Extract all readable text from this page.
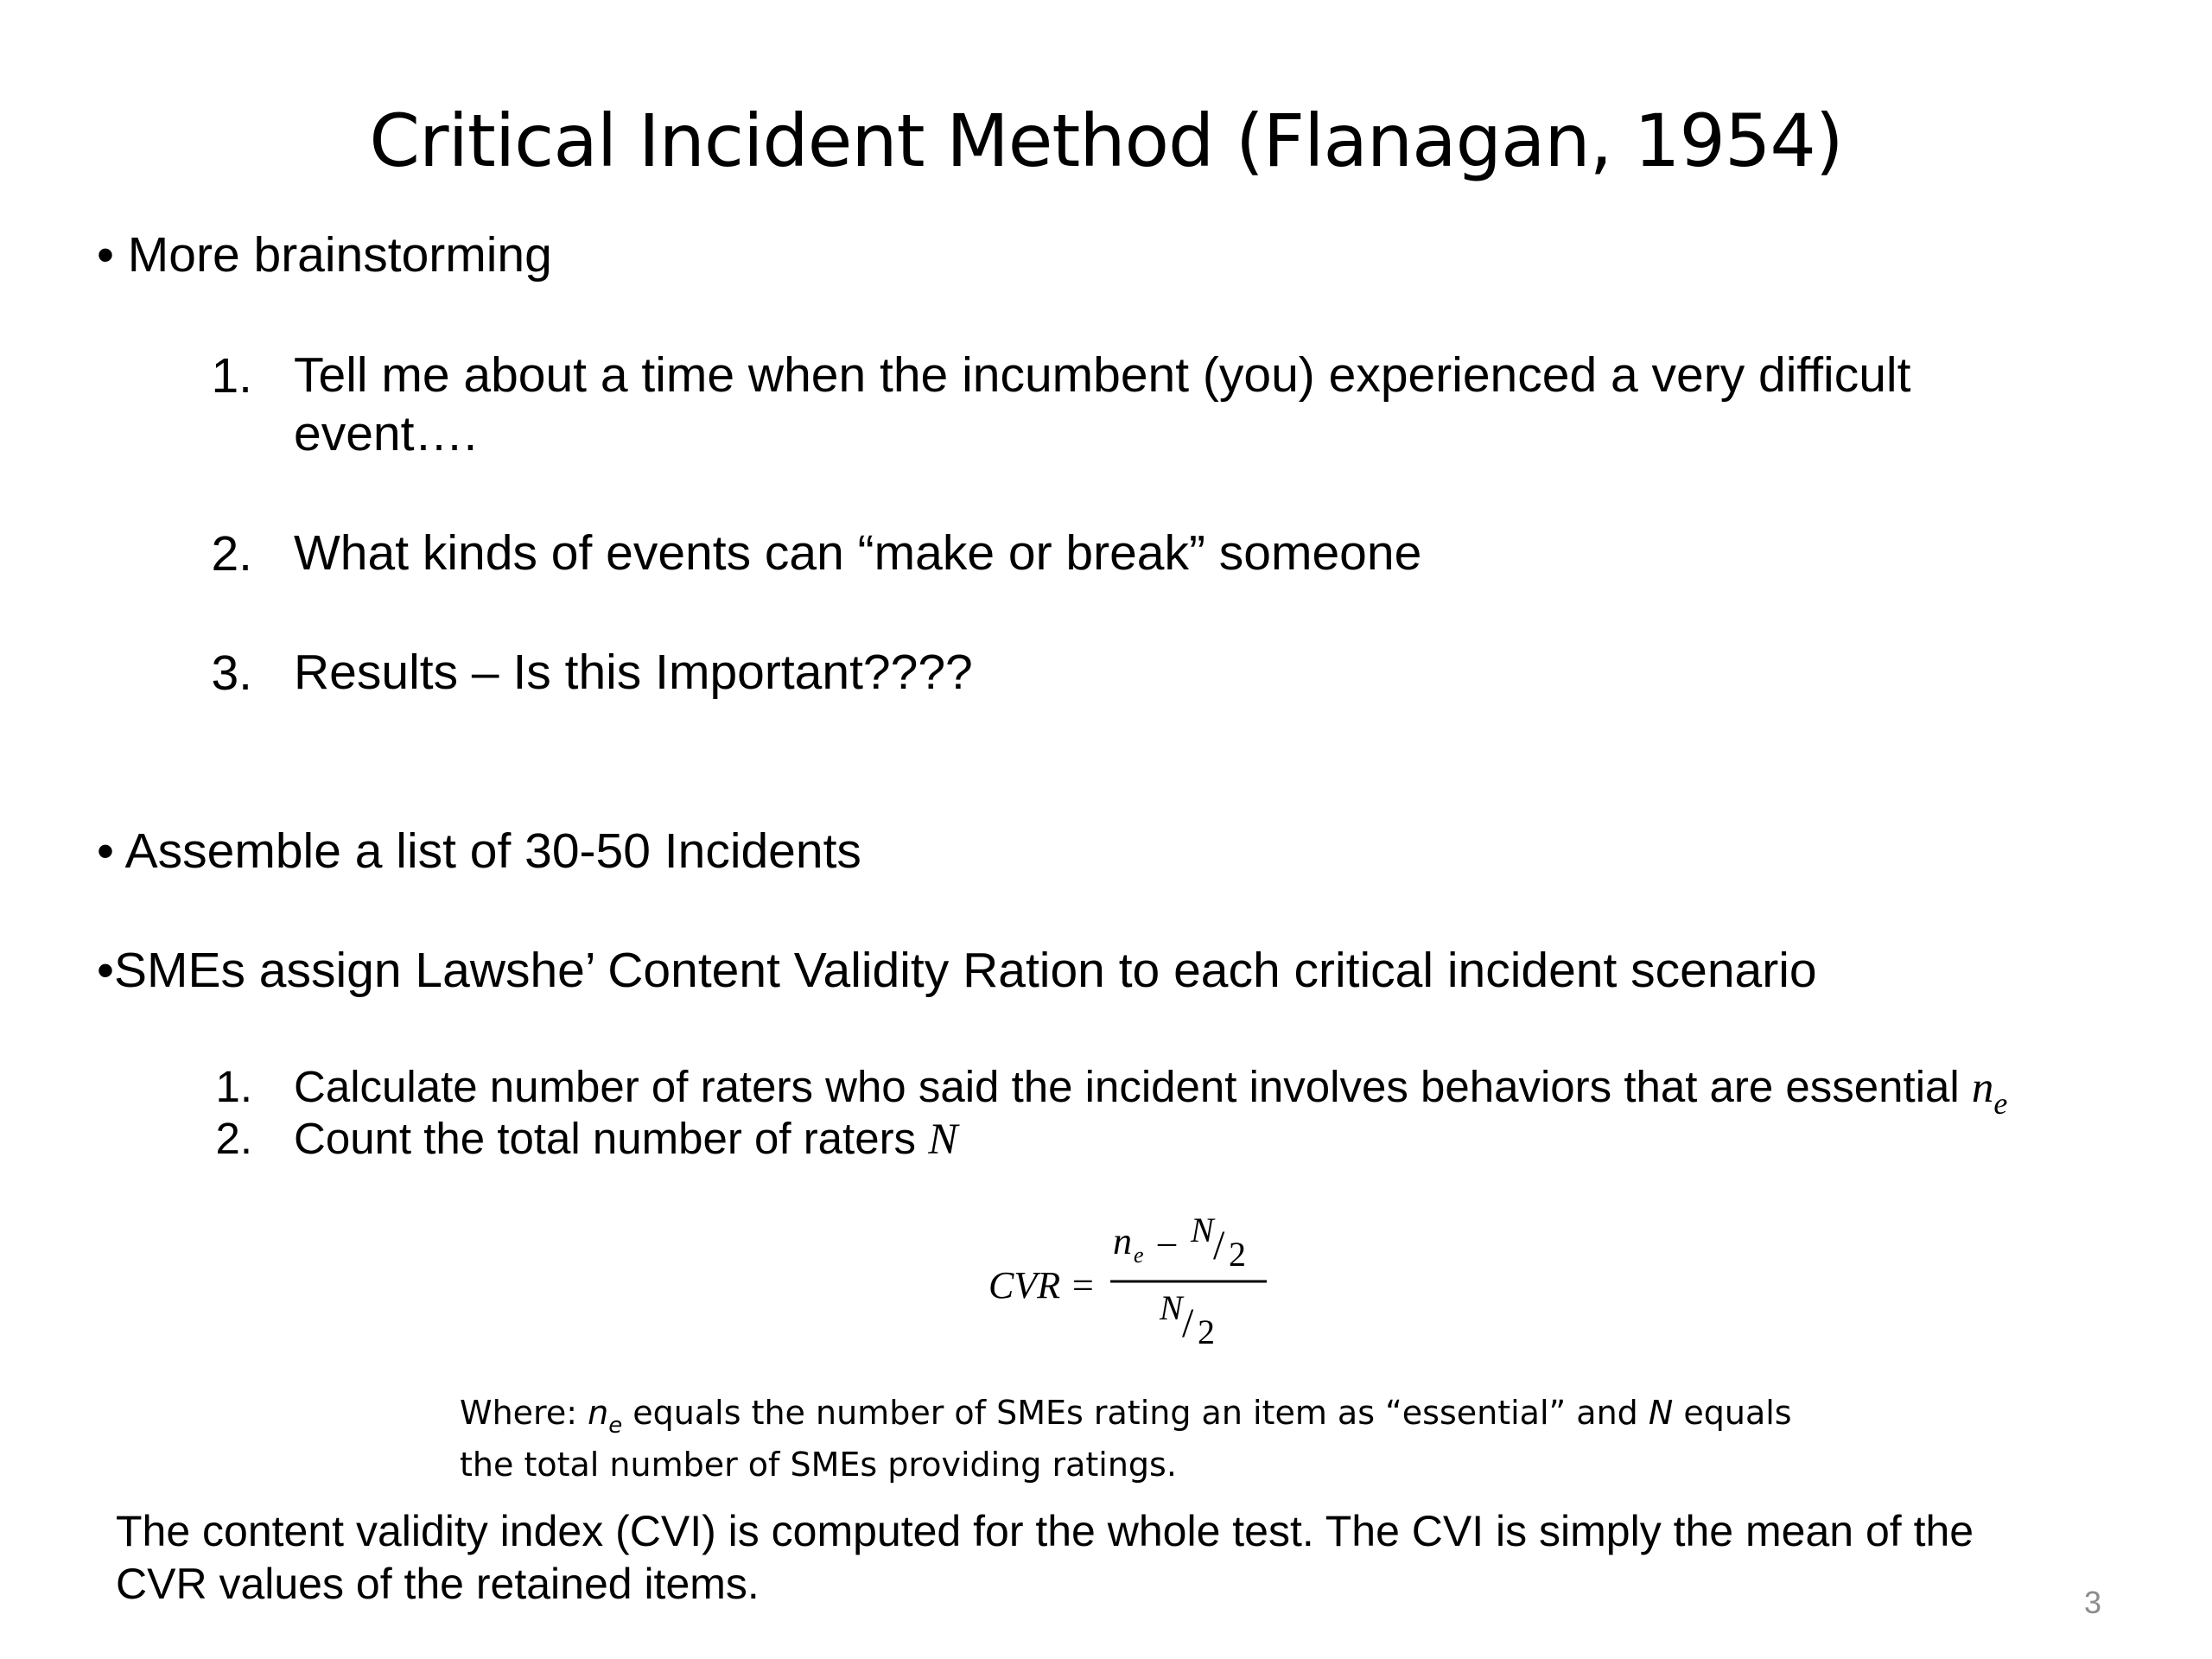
Critical Incident Method (Flanagan, 1954)
• More brainstorming
1. Tell me about a time when the incumbent (you) experienced a very difficult
event….
2. What kinds of events can “make or break” someone
3. Results – Is this Important????
• Assemble a list of 30-50 Incidents
•SMEs assign Lawshe’ Content Validity Ration to each critical incident scenario
1. Calculate number of raters who said the incident involves behaviors that are essential $n_e$
2. Count the total number of raters N
CVR =
n e – N / 2
N / 2
Where: $n_e$ equals the number of SMEs rating an item as “essential” and N equals the total number of SMEs providing ratings.
The content validity index (CVI) is computed for the whole test. The CVI is simply the mean of the CVR values of the retained items.	3
